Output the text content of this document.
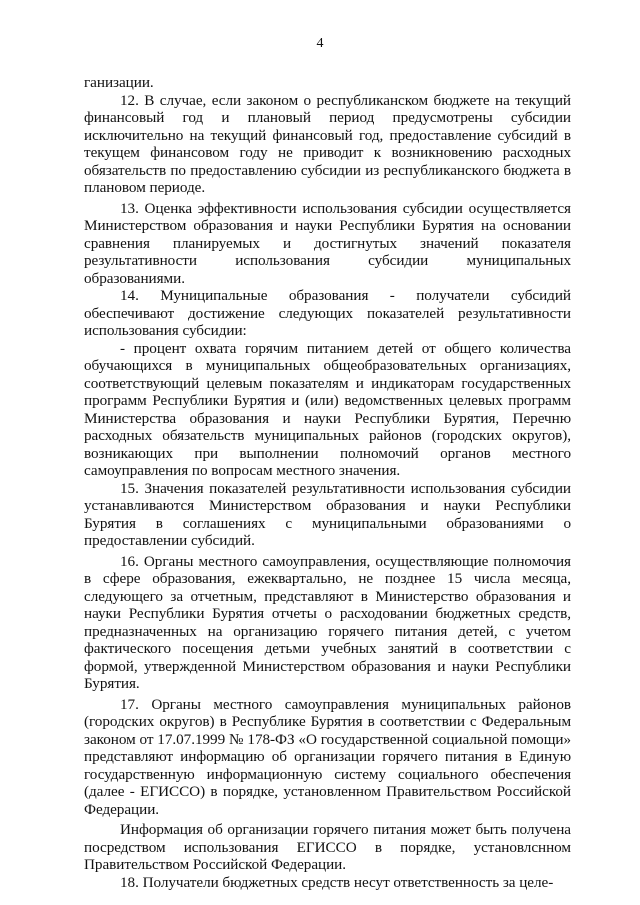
4

ганизации.

12. В случае, если законом о республиканском бюджете на текущий финансовый год и плановый период предусмотрены субсидии исключительно на текущий финансовый год, предоставление субсидий в текущем финансовом году не приводит к возникновению расходных обязательств по предоставлению субсидии из республиканского бюджета в плановом периоде.

13. Оценка эффективности использования субсидии осуществляется Министерством образования и науки Республики Бурятия на основании сравнения планируемых и достигнутых значений показателя результативности использования субсидии муниципальных образованиями.

14. Муниципальные образования - получатели субсидий обеспечивают достижение следующих показателей результативности использования субсидии:

- процент охвата горячим питанием детей от общего количества обучающихся в муниципальных общеобразовательных организациях, соответствующий целевым показателям и индикаторам государственных программ Республики Бурятия и (или) ведомственных целевых программ Министерства образования и науки Республики Бурятия, Перечню расходных обязательств муниципальных районов (городских округов), возникающих при выполнении полномочий органов местного самоуправления по вопросам местного значения.

15. Значения показателей результативности использования субсидии устанавливаются Министерством образования и науки Республики Бурятия в соглашениях с муниципальными образованиями о предоставлении субсидий.

16. Органы местного самоуправления, осуществляющие полномочия в сфере образования, ежеквартально, не позднее 15 числа месяца, следующего за отчетным, представляют в Министерство образования и науки Республики Бурятия отчеты о расходовании бюджетных средств, предназначенных на организацию горячего питания детей, с учетом фактического посещения детьми учебных занятий в соответствии с формой, утвержденной Министерством образования и науки Республики Бурятия.

17. Органы местного самоуправления муниципальных районов (городских округов) в Республике Бурятия в соответствии с Федеральным законом от 17.07.1999 № 178-ФЗ «О государственной социальной помощи» представляют информацию об организации горячего питания в Единую государственную информационную систему социального обеспечения (далее - ЕГИССО) в порядке, установленном Правительством Российской Федерации.

Информация об организации горячего питания может быть получена посредством использования ЕГИССО в порядке, установлснном Правительством Российской Федерации.

18. Получатели бюджетных средств несут ответственность за целе-
